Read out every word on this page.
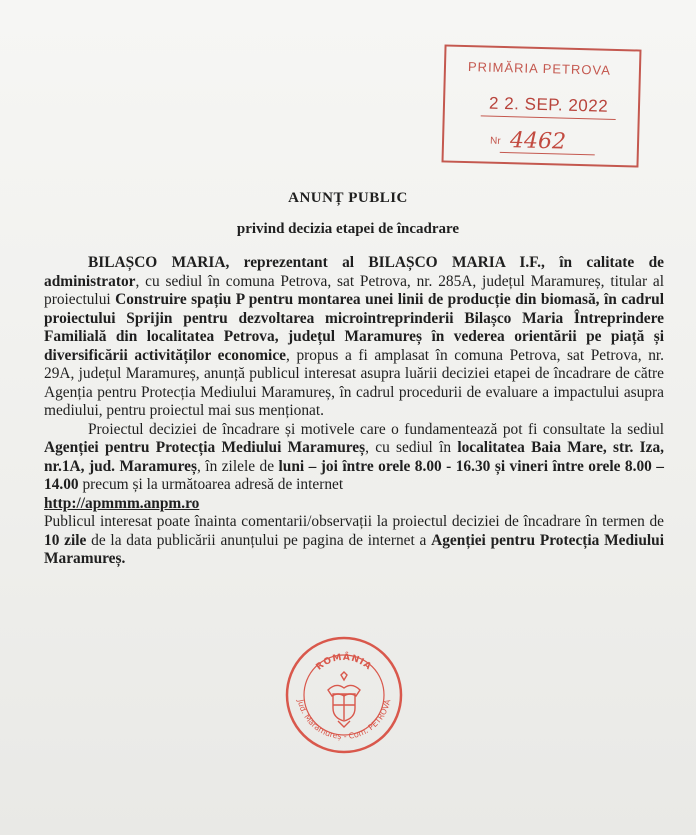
PRIMĂRIA PETROVA
2 2. SEP. 2022
Nr 4462
ANUNȚ PUBLIC
privind decizia etapei de încadrare

BILAȘCO MARIA, reprezentant al BILAȘCO MARIA I.F., în calitate de administrator, cu sediul în comuna Petrova, sat Petrova, nr. 285A, județul Maramureș, titular al proiectului Construire spațiu P pentru montarea unei linii de producție din biomasă, în cadrul proiectului Sprijin pentru dezvoltarea microintreprinderii Bilașco Maria Întreprindere Familială din localitatea Petrova, județul Maramureș în vederea orientării pe piață și diversificării activităților economice, propus a fi amplasat în comuna Petrova, sat Petrova, nr. 29A, județul Maramureș, anunță publicul interesat asupra luării deciziei etapei de încadrare de către Agenția pentru Protecția Mediului Maramureș, în cadrul procedurii de evaluare a impactului asupra mediului, pentru proiectul mai sus menționat.

Proiectul deciziei de încadrare și motivele care o fundamentează pot fi consultate la sediul Agenției pentru Protecția Mediului Maramureș, cu sediul în localitatea Baia Mare, str. Iza, nr.1A, jud. Maramureș, în zilele de luni – joi între orele 8.00 - 16.30 și vineri între orele 8.00 – 14.00 precum și la următoarea adresă de internet

http://apmmm.anpm.ro

Publicul interesat poate înainta comentarii/observații la proiectul deciziei de încadrare în termen de 10 zile de la data publicării anunțului pe pagina de internet a Agenției pentru Protecția Mediului Maramureș.

ROMÂNIA
Jud. Maramureș - Com. PETROVA
